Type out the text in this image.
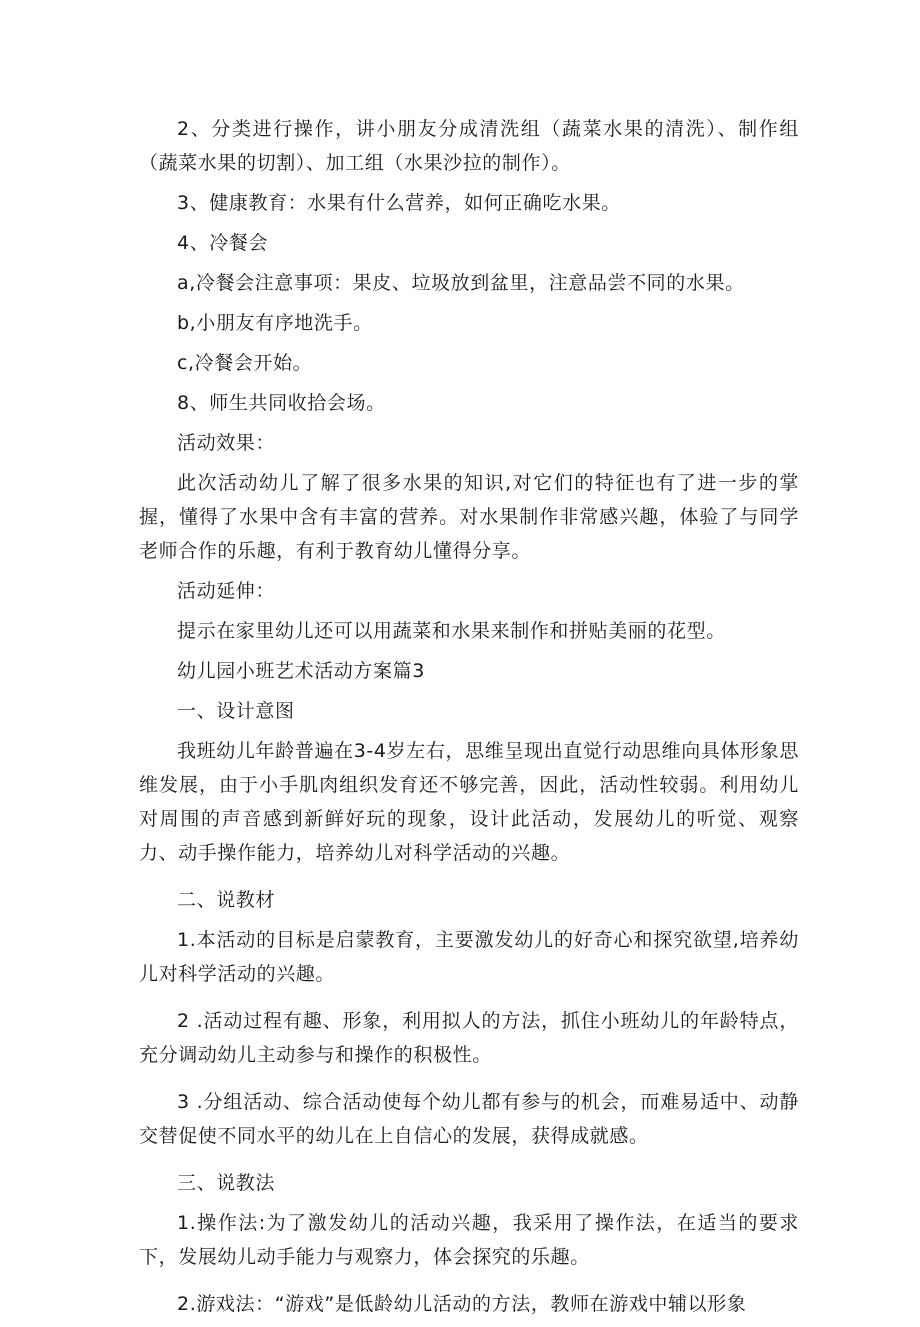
2、分类进行操作，讲小朋友分成清洗组（蔬菜水果的清洗）、制作组（蔬菜水果的切割）、加工组（水果沙拉的制作）。

3、健康教育：水果有什么营养，如何正确吃水果。

4、冷餐会

a,冷餐会注意事项：果皮、垃圾放到盆里，注意品尝不同的水果。

b,小朋友有序地洗手。

c,冷餐会开始。

8、师生共同收拾会场。

活动效果：

此次活动幼儿了解了很多水果的知识,对它们的特征也有了进一步的掌握，懂得了水果中含有丰富的营养。对水果制作非常感兴趣，体验了与同学老师合作的乐趣，有利于教育幼儿懂得分享。

活动延伸：

提示在家里幼儿还可以用蔬菜和水果来制作和拼贴美丽的花型。

幼儿园小班艺术活动方案篇3

一、设计意图

我班幼儿年龄普遍在3-4岁左右，思维呈现出直觉行动思维向具体形象思维发展，由于小手肌肉组织发育还不够完善，因此，活动性较弱。利用幼儿对周围的声音感到新鲜好玩的现象，设计此活动，发展幼儿的听觉、观察力、动手操作能力，培养幼儿对科学活动的兴趣。

二、说教材

1.本活动的目标是启蒙教育，主要激发幼儿的好奇心和探究欲望,培养幼儿对科学活动的兴趣。

2 .活动过程有趣、形象，利用拟人的方法，抓住小班幼儿的年龄特点，充分调动幼儿主动参与和操作的积极性。

3 .分组活动、综合活动使每个幼儿都有参与的机会，而难易适中、动静交替促使不同水平的幼儿在上自信心的发展，获得成就感。

三、说教法

1.操作法:为了激发幼儿的活动兴趣，我采用了操作法，在适当的要求下，发展幼儿动手能力与观察力，体会探究的乐趣。

2.游戏法：“游戏”是低龄幼儿活动的方法，教师在游戏中辅以形象
